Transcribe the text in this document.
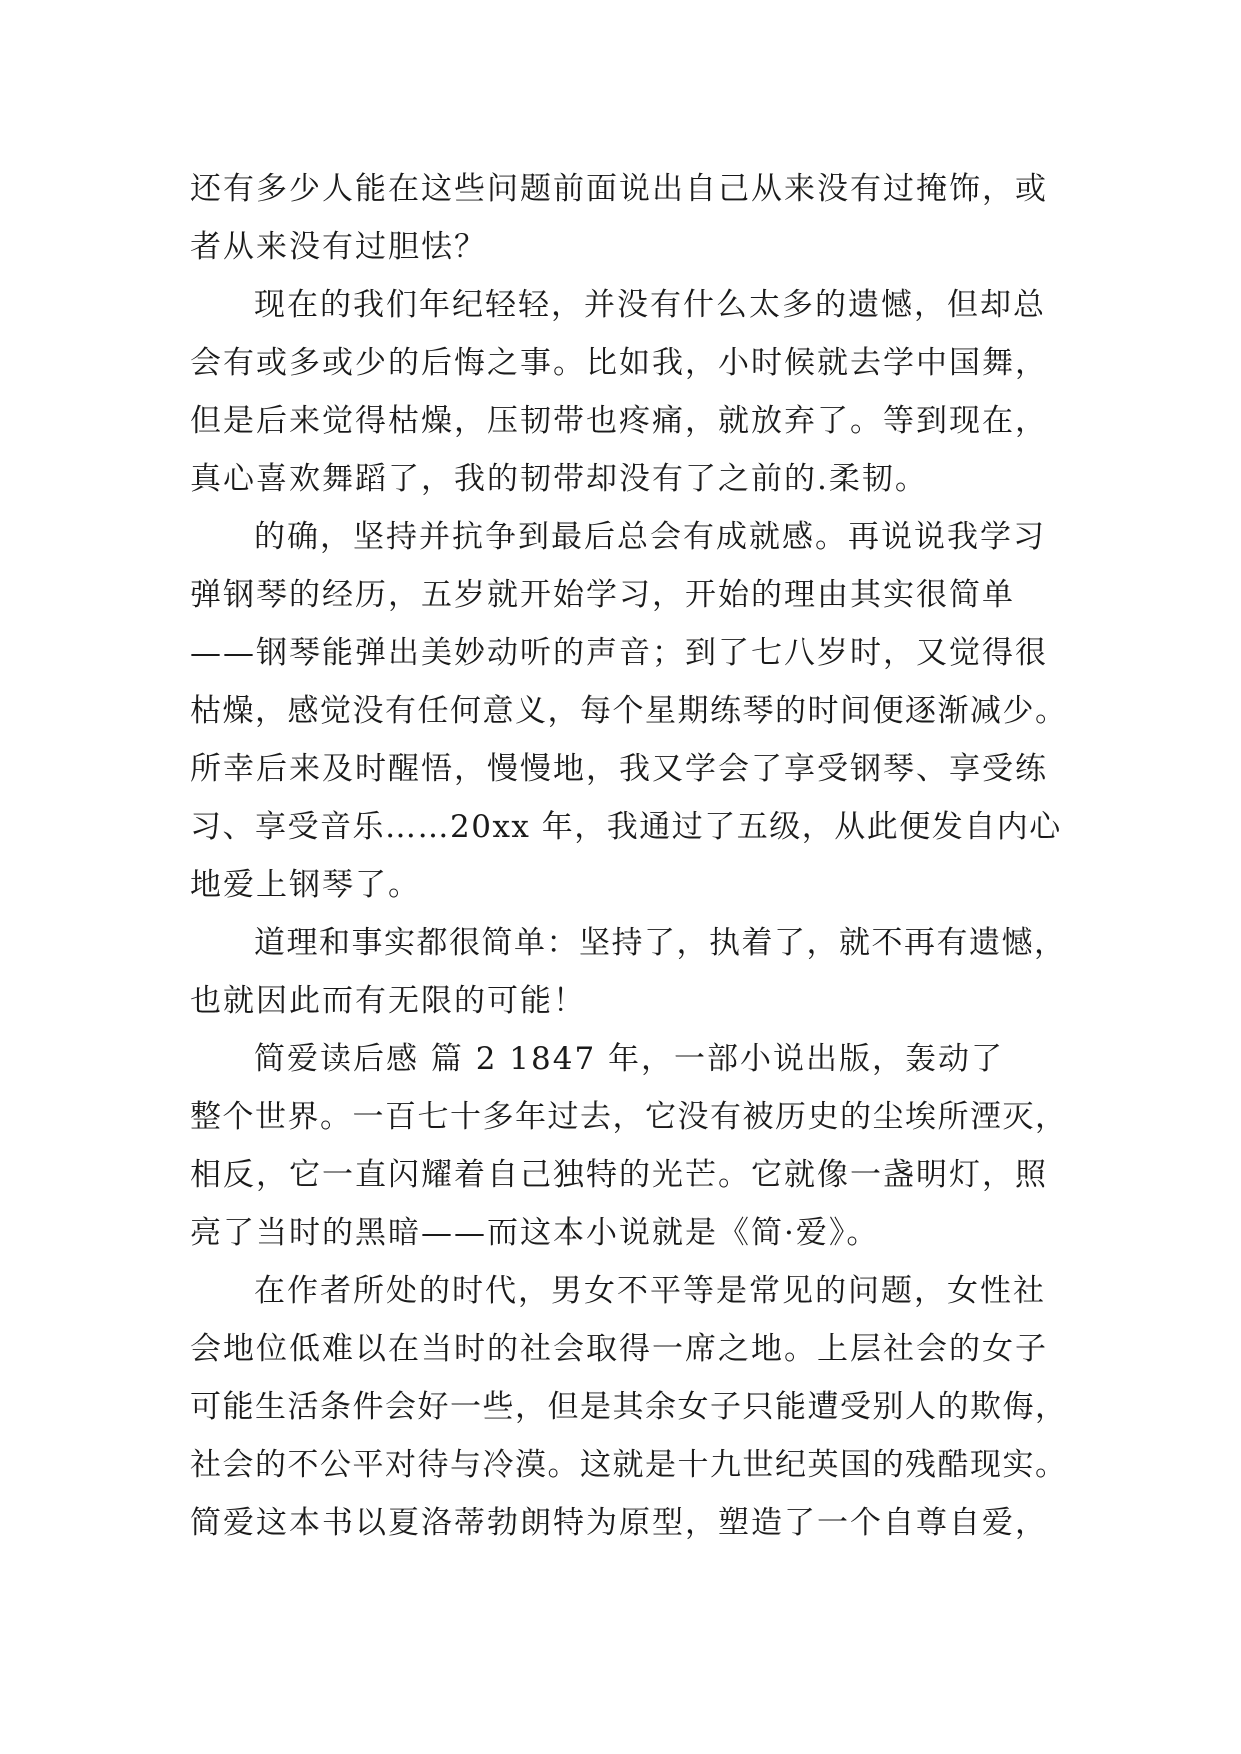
还有多少人能在这些问题前面说出自己从来没有过掩饰，或
者从来没有过胆怯？
现在的我们年纪轻轻，并没有什么太多的遗憾，但却总
会有或多或少的后悔之事。比如我，小时候就去学中国舞，
但是后来觉得枯燥，压韧带也疼痛，就放弃了。等到现在，
真心喜欢舞蹈了，我的韧带却没有了之前的.柔韧。
的确，坚持并抗争到最后总会有成就感。再说说我学习
弹钢琴的经历，五岁就开始学习，开始的理由其实很简单
——钢琴能弹出美妙动听的声音；到了七八岁时，又觉得很
枯燥，感觉没有任何意义，每个星期练琴的时间便逐渐减少。
所幸后来及时醒悟，慢慢地，我又学会了享受钢琴、享受练
习、享受音乐……20xx 年，我通过了五级，从此便发自内心
地爱上钢琴了。
道理和事实都很简单：坚持了，执着了，就不再有遗憾，
也就因此而有无限的可能！
简爱读后感 篇 2 1847 年，一部小说出版，轰动了
整个世界。一百七十多年过去，它没有被历史的尘埃所湮灭，
相反，它一直闪耀着自己独特的光芒。它就像一盏明灯，照
亮了当时的黑暗——而这本小说就是《简·爱》。
在作者所处的时代，男女不平等是常见的问题，女性社
会地位低难以在当时的社会取得一席之地。上层社会的女子
可能生活条件会好一些，但是其余女子只能遭受别人的欺侮，
社会的不公平对待与冷漠。这就是十九世纪英国的残酷现实。
简爱这本书以夏洛蒂勃朗特为原型，塑造了一个自尊自爱，
